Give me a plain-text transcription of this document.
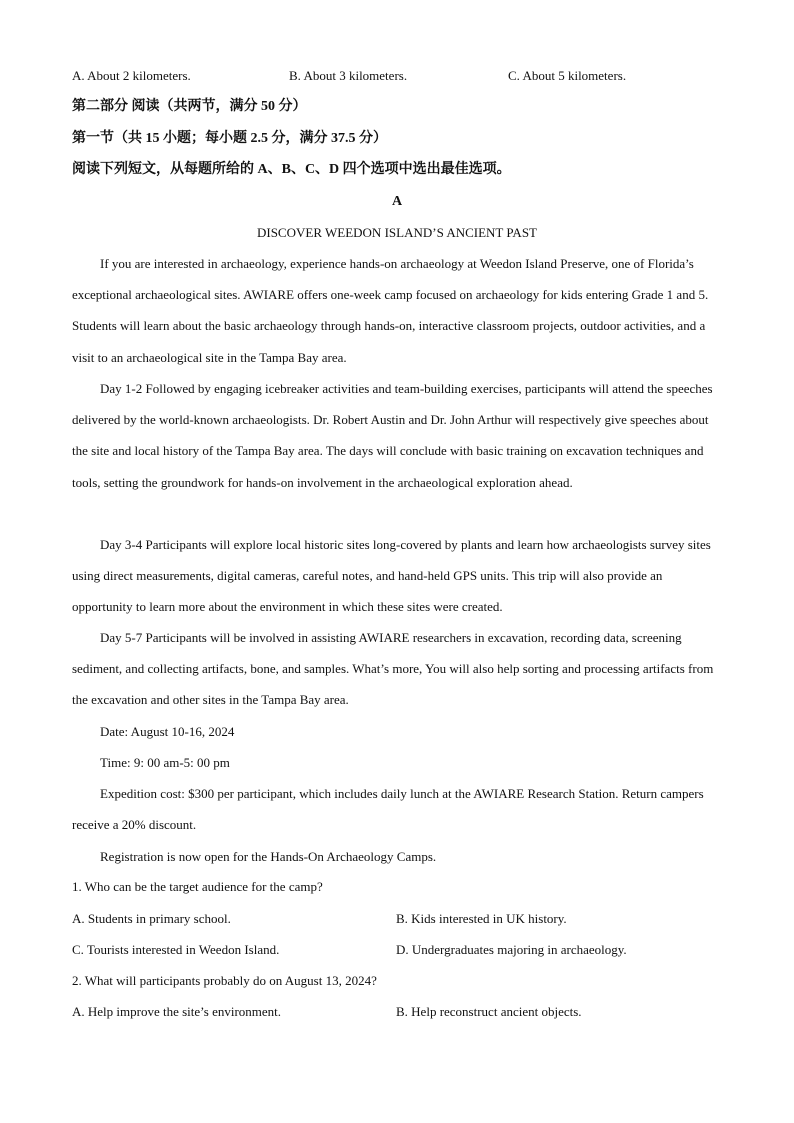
A. About 2 kilometers.	B. About 3 kilometers.	C. About 5 kilometers.
第二部分 阅读（共两节，满分 50 分）
第一节（共 15 小题；每小题 2.5 分，满分 37.5 分）
阅读下列短文，从每题所给的 A、B、C、D 四个选项中选出最佳选项。
A
DISCOVER WEEDON ISLAND’S ANCIENT PAST
If you are interested in archaeology, experience hands-on archaeology at Weedon Island Preserve, one of Florida’s exceptional archaeological sites. AWIARE offers one-week camp focused on archaeology for kids entering Grade 1 and 5. Students will learn about the basic archaeology through hands-on, interactive classroom projects, outdoor activities, and a visit to an archaeological site in the Tampa Bay area.
Day 1-2 Followed by engaging icebreaker activities and team-building exercises, participants will attend the speeches delivered by the world-known archaeologists. Dr. Robert Austin and Dr. John Arthur will respectively give speeches about the site and local history of the Tampa Bay area. The days will conclude with basic training on excavation techniques and tools, setting the groundwork for hands-on involvement in the archaeological exploration ahead.
Day 3-4 Participants will explore local historic sites long-covered by plants and learn how archaeologists survey sites using direct measurements, digital cameras, careful notes, and hand-held GPS units. This trip will also provide an opportunity to learn more about the environment in which these sites were created.
Day 5-7 Participants will be involved in assisting AWIARE researchers in excavation, recording data, screening sediment, and collecting artifacts, bone, and samples. What’s more, You will also help sorting and processing artifacts from the excavation and other sites in the Tampa Bay area.
Date: August 10-16, 2024
Time: 9: 00 am-5: 00 pm
Expedition cost: $300 per participant, which includes daily lunch at the AWIARE Research Station. Return campers receive a 20% discount.
Registration is now open for the Hands-On Archaeology Camps.
1. Who can be the target audience for the camp?
A. Students in primary school.	B. Kids interested in UK history.
C. Tourists interested in Weedon Island.	D. Undergraduates majoring in archaeology.
2. What will participants probably do on August 13, 2024?
A. Help improve the site’s environment.	B. Help reconstruct ancient objects.
